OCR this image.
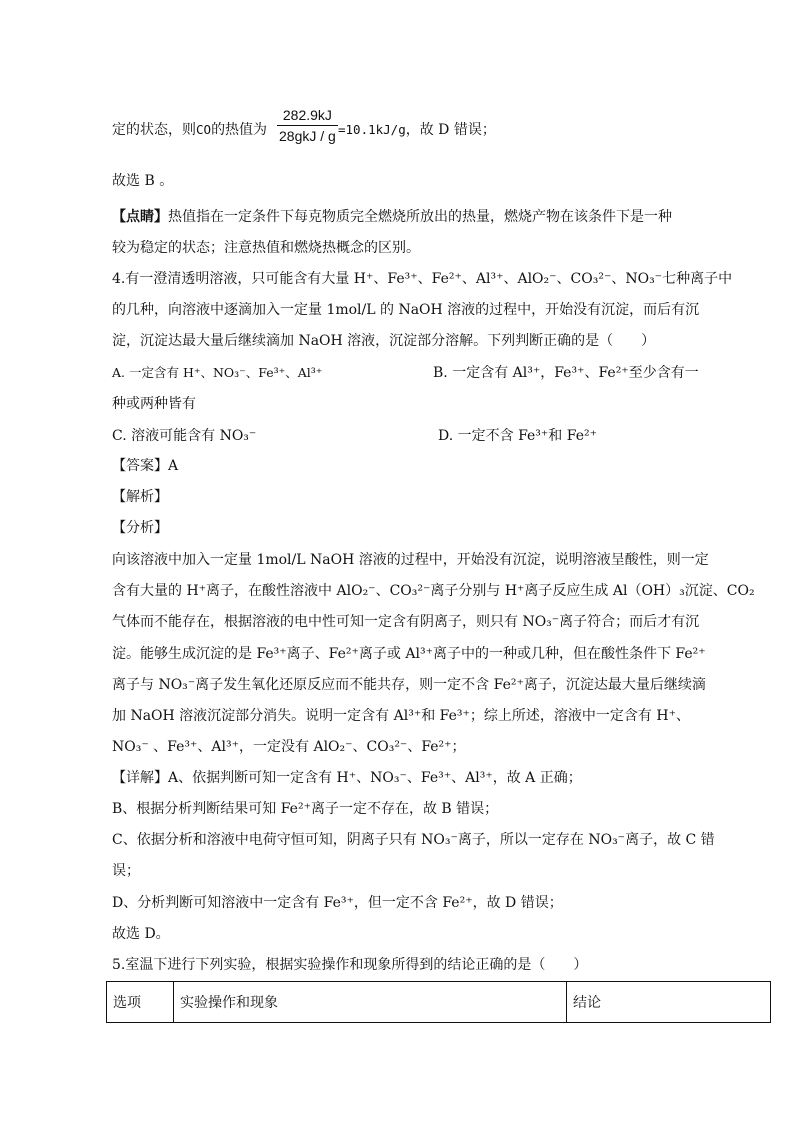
定的状态，则CO的热值为
282.9kJ
28gkJ / g =10.1kJ/g，故 D 错误；
故选 B 。
【点睛】热值指在一定条件下每克物质完全燃烧所放出的热量，燃烧产物在该条件下是一种
较为稳定的状态；注意热值和燃烧热概念的区别。
4.有一澄清透明溶液，只可能含有大量 H⁺、Fe³⁺、Fe²⁺、Al³⁺、AlO₂⁻、CO₃²⁻、NO₃⁻七种离子中
的几种，向溶液中逐滴加入一定量 1mol/L 的 NaOH 溶液的过程中，开始没有沉淀，而后有沉
淀，沉淀达最大量后继续滴加 NaOH 溶液，沉淀部分溶解。下列判断正确的是（　　）
A. 一定含有 H⁺、NO₃⁻、Fe³⁺、Al³⁺	B. 一定含有 Al³⁺，Fe³⁺、Fe²⁺至少含有一
种或两种皆有
C. 溶液可能含有 NO₃⁻	D. 一定不含 Fe³⁺和 Fe²⁺
【答案】A
【解析】
【分析】
向该溶液中加入一定量 1mol/L NaOH 溶液的过程中，开始没有沉淀，说明溶液呈酸性，则一定
含有大量的 H⁺离子，在酸性溶液中 AlO₂⁻、CO₃²⁻离子分别与 H⁺离子反应生成 Al（OH）₃沉淀、CO₂
气体而不能存在，根据溶液的电中性可知一定含有阴离子，则只有 NO₃⁻离子符合；而后才有沉
淀。能够生成沉淀的是 Fe³⁺离子、Fe²⁺离子或 Al³⁺离子中的一种或几种，但在酸性条件下 Fe²⁺
离子与 NO₃⁻离子发生氧化还原反应而不能共存，则一定不含 Fe²⁺离子，沉淀达最大量后继续滴
加 NaOH 溶液沉淀部分消失。说明一定含有 Al³⁺和 Fe³⁺；综上所述，溶液中一定含有 H⁺、
NO₃⁻ 、Fe³⁺、Al³⁺，一定没有 AlO₂⁻、CO₃²⁻、Fe²⁺；
【详解】A、依据判断可知一定含有 H⁺、NO₃⁻、Fe³⁺、Al³⁺，故 A 正确；
B、根据分析判断结果可知 Fe²⁺离子一定不存在，故 B 错误；
C、依据分析和溶液中电荷守恒可知，阴离子只有 NO₃⁻离子，所以一定存在 NO₃⁻离子，故 C 错
误；
D、分析判断可知溶液中一定含有 Fe³⁺，但一定不含 Fe²⁺，故 D 错误；
故选 D。
5.室温下进行下列实验，根据实验操作和现象所得到的结论正确的是（　　）
选项	实验操作和现象	结论
